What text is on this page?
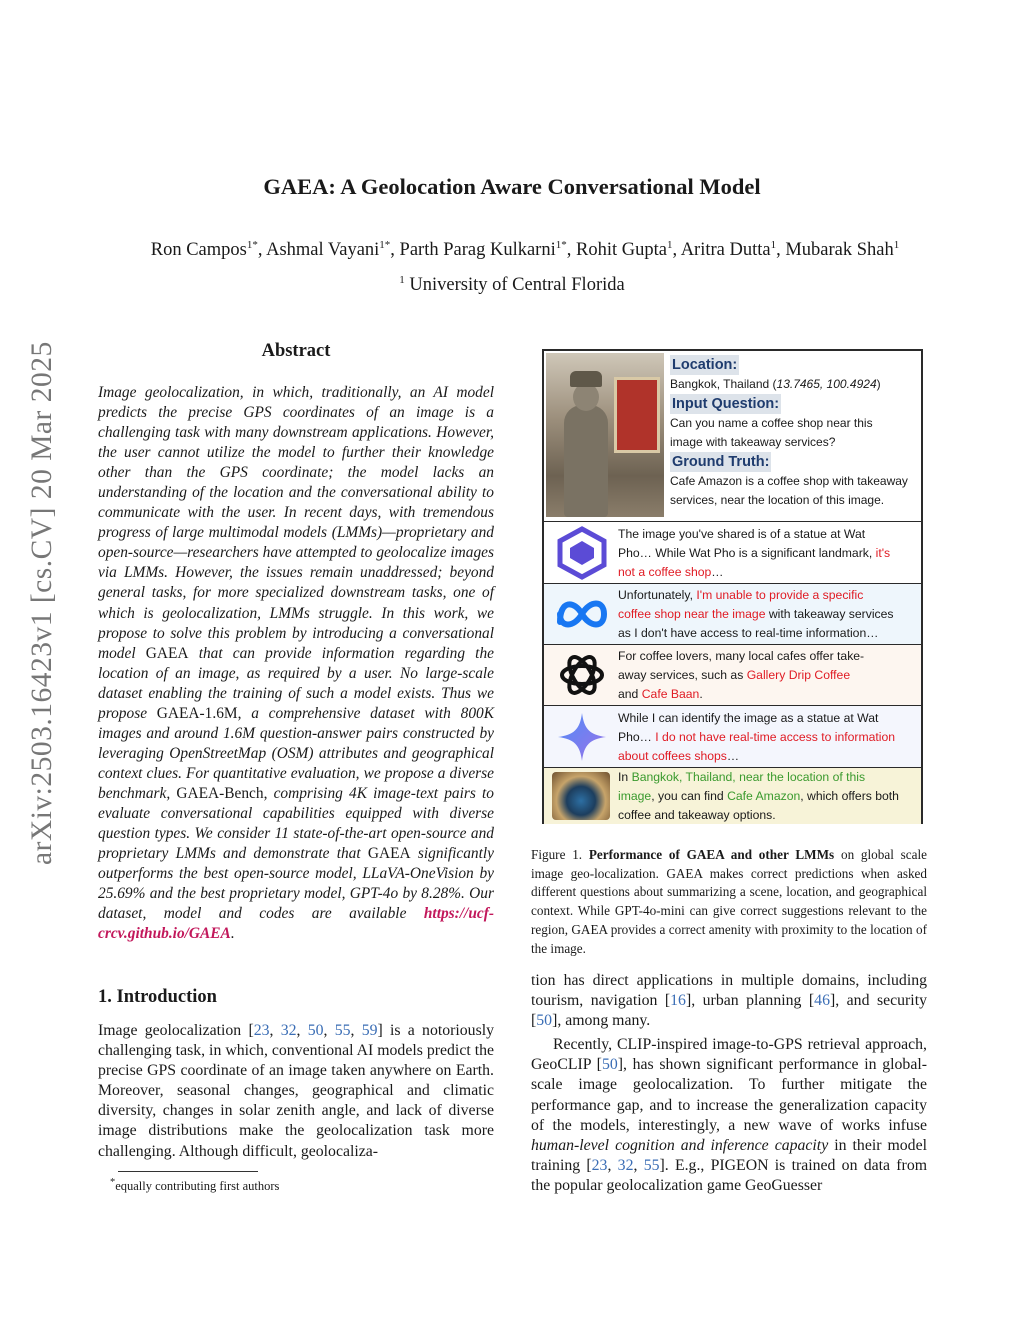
arXiv:2503.16423v1 [cs.CV] 20 Mar 2025
GAEA: A Geolocation Aware Conversational Model
Ron Campos$^{1*}$, Ashmal Vayani$^{1*}$, Parth Parag Kulkarni$^{1*}$, Rohit Gupta$^1$, Aritra Dutta$^1$, Mubarak Shah$^1$
$^1$ University of Central Florida
Abstract
Image geolocalization, in which, traditionally, an AI model predicts the precise GPS coordinates of an image is a challenging task with many downstream applications. However, the user cannot utilize the model to further their knowledge other than the GPS coordinate; the model lacks an understanding of the location and the conversational ability to communicate with the user. In recent days, with tremendous progress of large multimodal models (LMMs)—proprietary and open-source—researchers have attempted to geolocalize images via LMMs. However, the issues remain unaddressed; beyond general tasks, for more specialized downstream tasks, one of which is geolocalization, LMMs struggle. In this work, we propose to solve this problem by introducing a conversational model GAEA that can provide information regarding the location of an image, as required by a user. No large-scale dataset enabling the training of such a model exists. Thus we propose GAEA-1.6M, a comprehensive dataset with 800K images and around 1.6M question-answer pairs constructed by leveraging OpenStreetMap (OSM) attributes and geographical context clues. For quantitative evaluation, we propose a diverse benchmark, GAEA-Bench, comprising 4K image-text pairs to evaluate conversational capabilities equipped with diverse question types. We consider 11 state-of-the-art open-source and proprietary LMMs and demonstrate that GAEA significantly outperforms the best open-source model, LLaVA-OneVision by 25.69% and the best proprietary model, GPT-4o by 8.28%. Our dataset, model and codes are available https://ucf-crcv.github.io/GAEA.
1. Introduction
Image geolocalization [23, 32, 50, 55, 59] is a notoriously challenging task, in which, conventional AI models predict the precise GPS coordinate of an image taken anywhere on Earth. Moreover, seasonal changes, geographical and climatic diversity, changes in solar zenith angle, and lack of diverse image distributions make the geolocalization task more challenging. Although difficult, geolocaliza-
*equally contributing first authors
Location:
Bangkok, Thailand (13.7465, 100.4924)
Input Question:
Can you name a coffee shop near this
image with takeaway services?
Ground Truth:
Cafe Amazon is a coffee shop with takeaway
services, near the location of this image.
The image you've shared is of a statue at Wat
Pho… While Wat Pho is a significant landmark, it's
not a coffee shop…
Unfortunately, I'm unable to provide a specific
coffee shop near the image with takeaway services
as I don't have access to real-time information…
For coffee lovers, many local cafes offer take-
away services, such as Gallery Drip Coffee
and Cafe Baan.
While I can identify the image as a statue at Wat
Pho… I do not have real-time access to information
about coffees shops…
In Bangkok, Thailand, near the location of this
image, you can find Cafe Amazon, which offers both
coffee and takeaway options.
Figure 1. Performance of GAEA and other LMMs on global scale image geo-localization. GAEA makes correct predictions when asked different questions about summarizing a scene, location, and geographical context. While GPT-4o-mini can give correct suggestions relevant to the region, GAEA provides a correct amenity with proximity to the location of the image.

tion has direct applications in multiple domains, including tourism, navigation [16], urban planning [46], and security [50], among many.

Recently, CLIP-inspired image-to-GPS retrieval approach, GeoCLIP [50], has shown significant performance in global-scale image geolocalization. To further mitigate the performance gap, and to increase the generalization capacity of the models, interestingly, a new wave of works infuse human-level cognition and inference capacity in their model training [23, 32, 55]. E.g., PIGEON is trained on data from the popular geolocalization game GeoGuesser
